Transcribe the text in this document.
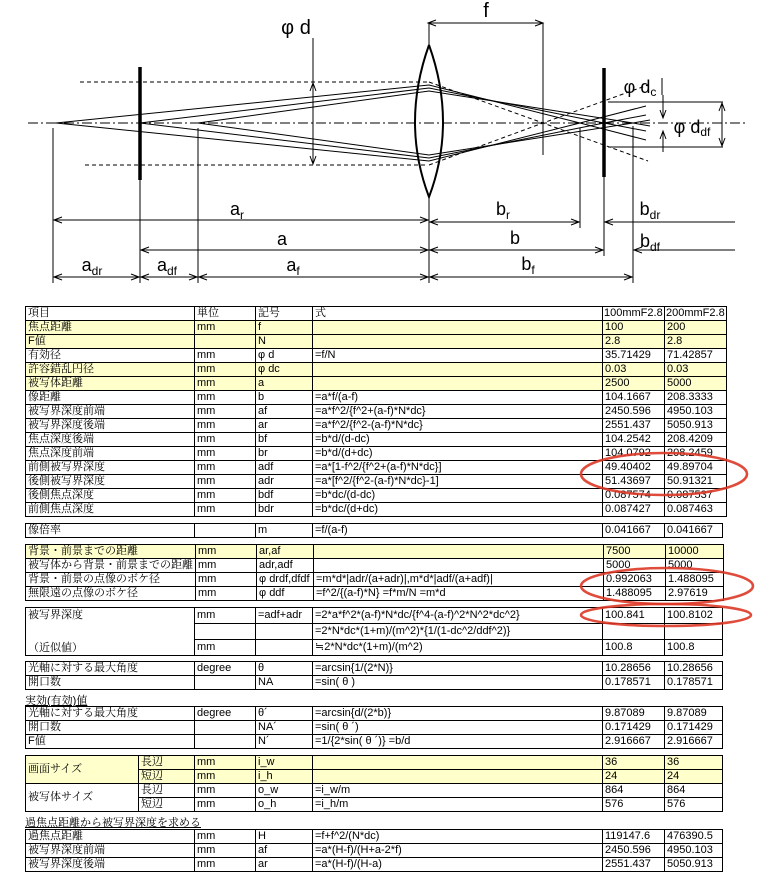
f
φ d
φ dc
φ ddf
$a_r$
a
$a_{dr}$	$a_{df}$	$a_f$
$b_r$
b
$b_f$
$b_{dr}$
$b_{df}$
項目	単位	記号	式	100mmF2.8	200mmF2.8
焦点距離	mm	f		100	200
F値		N		2.8	2.8
有効径	mm	φ d	=f/N	35.71429	71.42857
許容錯乱円径	mm	φ dc		0.03	0.03
被写体距離	mm	a		2500	5000
像距離	mm	b	=a*f/(a-f)	104.1667	208.3333
被写界深度前端	mm	af	=a*f^2/{f^2+(a-f)*N*dc}	2450.596	4950.103
被写界深度後端	mm	ar	=a*f^2/{f^2-(a-f)*N*dc}	2551.437	5050.913
焦点深度後端	mm	bf	=b*d/(d-dc)	104.2542	208.4209
焦点深度前端	mm	br	=b*d/(d+dc)	104.0792	208.2459
前側被写界深度	mm	adf	=a*[1-f^2/{f^2+(a-f)*N*dc}]	49.40402	49.89704
後側被写界深度	mm	adr	=a*[f^2/{f^2-(a-f)*N*dc}-1]	51.43697	50.91321
後側焦点深度	mm	bdf	=b*dc/(d-dc)	0.087574	0.087537
前側焦点深度	mm	bdr	=b*dc/(d+dc)	0.087427	0.087463
像倍率		m	=f/(a-f)	0.041667	0.041667
背景・前景までの距離	mm	ar,af		7500	10000
被写体から背景・前景までの距離	mm	adr,adf		5000	5000
背景・前景の点像のボケ径	mm	φ drdf,dfdf	=m*d*|adr/(a+adr)|,m*d*|adf/(a+adf)|	0.992063	1.488095
無限遠の点像のボケ径	mm	φ ddf	=f^2/{(a-f)*N} =f*m/N =m*d	1.488095	2.97619
被写界深度
（近似値）	mm	=adf+adr	=2*a*f^2*(a-f)*N*dc/{f^4-(a-f)^2*N^2*dc^2}	100.841	100.8102
			=2*N*dc*(1+m)/(m^2)*{1/(1-dc^2/ddf^2)}		
	mm		≒2*N*dc*(1+m)/(m^2)	100.8	100.8
光軸に対する最大角度	degree	θ	=arcsin{1/(2*N)}	10.28656	10.28656
開口数		NA	=sin( θ )	0.178571	0.178571
実効(有効)値
光軸に対する最大角度	degree	θ´	=arcsin{d/(2*b)}	9.87089	9.87089
開口数		NA´	=sin( θ ´)	0.171429	0.171429
F値		N´	=1/{2*sin( θ ´)} =b/d	2.916667	2.916667
画面サイズ	長辺	mm	i_w		36	36
	短辺	mm	i_h		24	24
被写体サイズ	長辺	mm	o_w	=i_w/m	864	864
	短辺	mm	o_h	=i_h/m	576	576
過焦点距離から被写界深度を求める
過焦点距離	mm	H	=f+f^2/(N*dc)	119147.6	476390.5
被写界深度前端	mm	af	=a*(H-f)/(H+a-2*f)	2450.596	4950.103
被写界深度後端	mm	ar	=a*(H-f)/(H-a)	2551.437	5050.913
